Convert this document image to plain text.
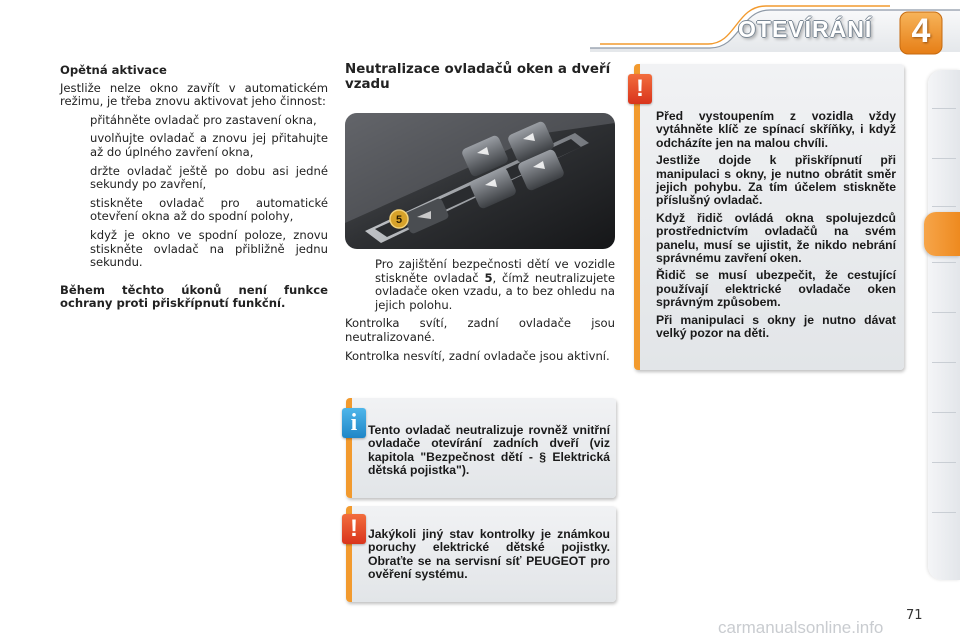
OTEVÍRÁNÍ	4
Opětná aktivace
Jestliže nelze okno zavřít v automatickém režimu, je třeba znovu aktivovat jeho činnost:
přitáhněte ovladač pro zastavení okna,
uvolňujte ovladač a znovu jej přitahujte až do úplného zavření okna,
držte ovladač ještě po dobu asi jedné sekundy po zavření,
stiskněte ovladač pro automatické otevření okna až do spodní polohy,
když je okno ve spodní poloze, znovu stiskněte ovladač na přibližně jednu sekundu.
Během těchto úkonů není funkce ochrany proti přiskřípnutí funkční.
Neutralizace ovladačů oken a dveří vzadu
5
Pro zajištění bezpečnosti dětí ve vozidle stiskněte ovladač 5, čímž neutralizujete ovladače oken vzadu, a to bez ohledu na jejich polohu.
Kontrolka svítí, zadní ovladače jsou neutralizované.
Kontrolka nesvítí, zadní ovladače jsou aktivní.

Před vystoupením z vozidla vždy vytáhněte klíč ze spínací skříňky, i když odcházíte jen na malou chvíli.

Jestliže dojde k přiskřípnutí při manipulaci s okny, je nutno obrátit směr jejich pohybu. Za tím účelem stiskněte příslušný ovladač.

Když řidič ovládá okna spolujezdců prostřednictvím ovladačů na svém panelu, musí se ujistit, že nikdo nebrání správnému zavření oken.

Řidič se musí ubezpečit, že cestující používají elektrické ovladače oken správným způsobem.

Při manipulaci s okny je nutno dávat velký pozor na děti.

!
Tento ovladač neutralizuje rovněž vnitřní ovladače otevírání zadních dveří (viz kapitola "Bezpečnost dětí - § Elektrická dětská pojistka").
i
Jakýkoli jiný stav kontrolky je známkou poruchy elektrické dětské pojistky. Obraťte se na servisní síť PEUGEOT pro ověření systému.
!
71
carmanualsonline.info
